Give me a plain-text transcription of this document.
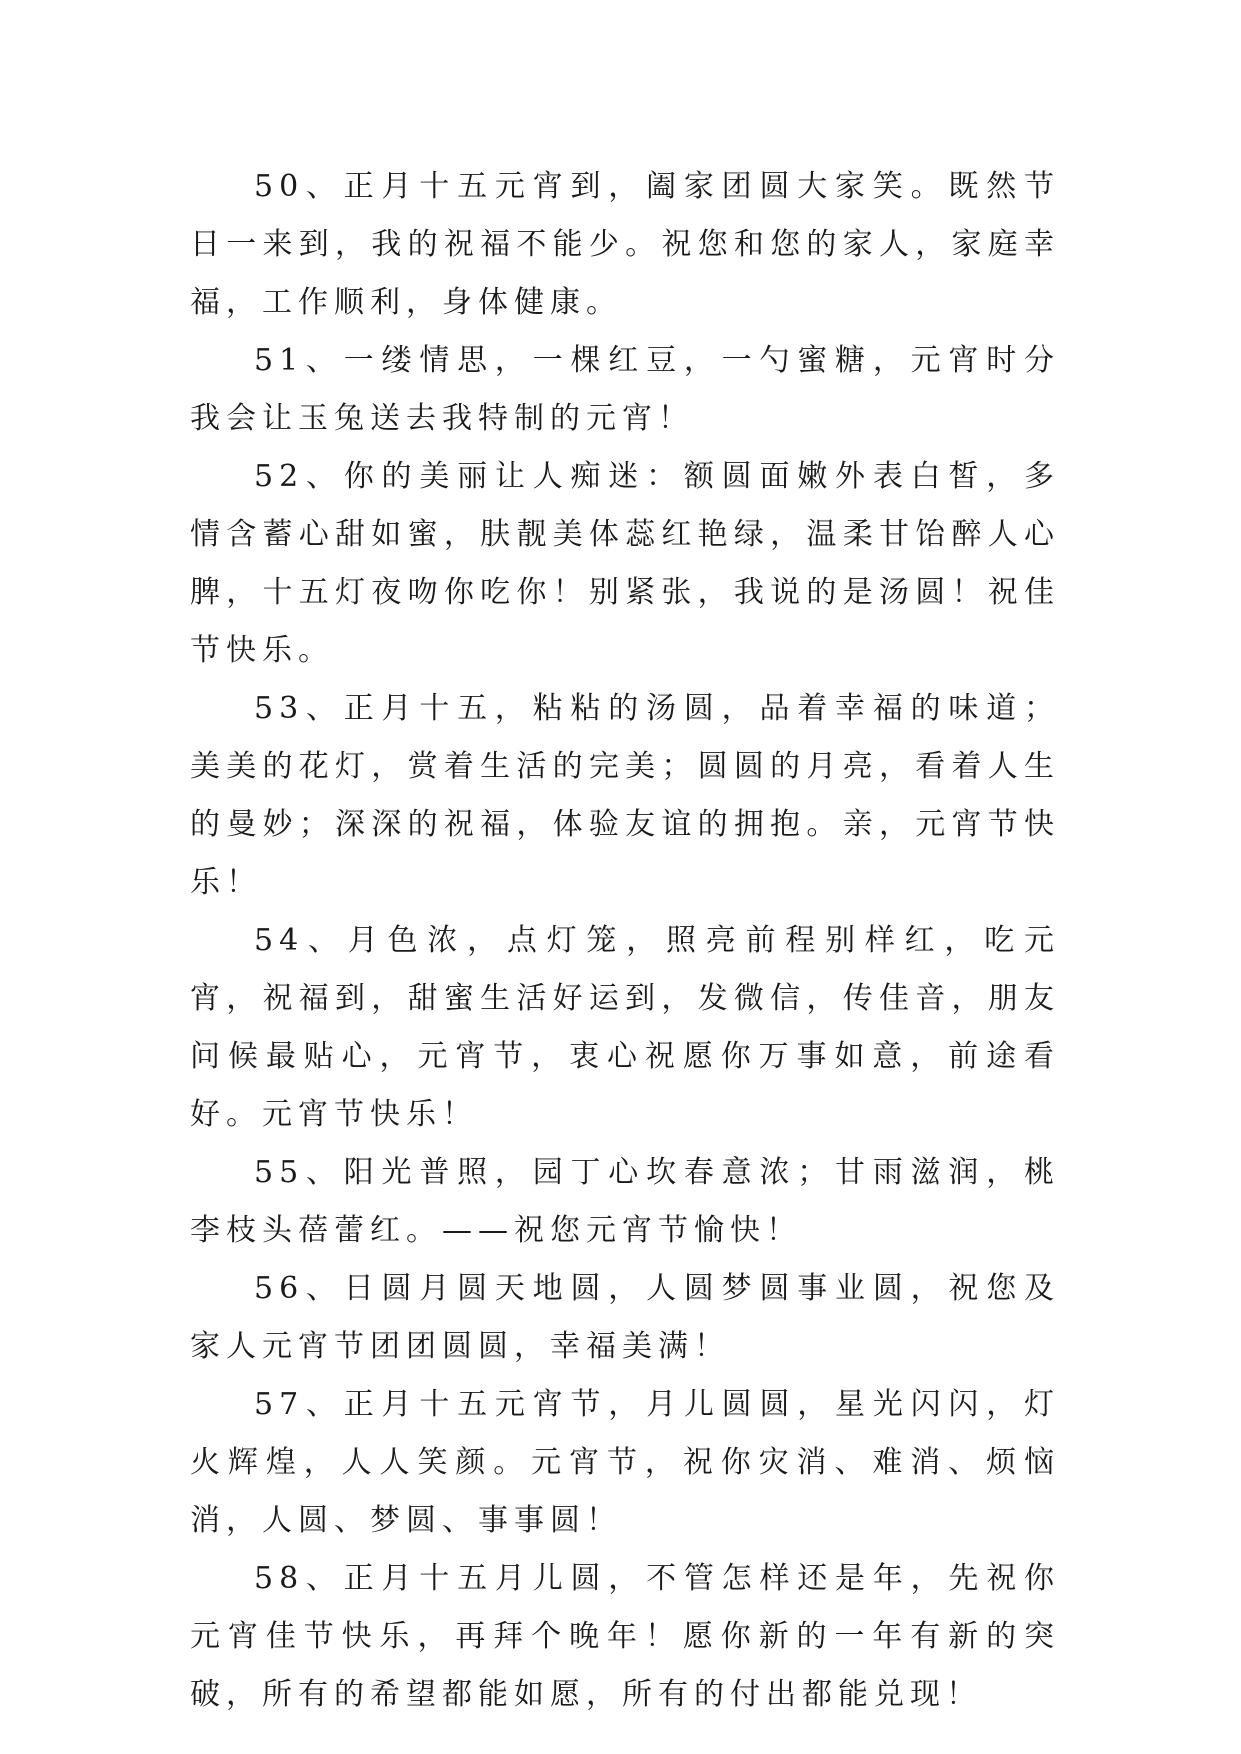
50、正月十五元宵到，阖家团圆大家笑。既然节日一来到，我的祝福不能少。祝您和您的家人，家庭幸福，工作顺利，身体健康。

51、一缕情思，一棵红豆，一勺蜜糖，元宵时分我会让玉兔送去我特制的元宵！

52、你的美丽让人痴迷：额圆面嫩外表白皙，多情含蓄心甜如蜜，肤靓美体蕊红艳绿，温柔甘饴醉人心脾，十五灯夜吻你吃你！别紧张，我说的是汤圆！祝佳节快乐。

53、正月十五，粘粘的汤圆，品着幸福的味道；美美的花灯，赏着生活的完美；圆圆的月亮，看着人生的曼妙；深深的祝福，体验友谊的拥抱。亲，元宵节快乐！

54、月色浓，点灯笼，照亮前程别样红，吃元宵，祝福到，甜蜜生活好运到，发微信，传佳音，朋友问候最贴心，元宵节，衷心祝愿你万事如意，前途看好。元宵节快乐！

55、阳光普照，园丁心坎春意浓；甘雨滋润，桃李枝头蓓蕾红。——祝您元宵节愉快！

56、日圆月圆天地圆，人圆梦圆事业圆，祝您及家人元宵节团团圆圆，幸福美满！

57、正月十五元宵节，月儿圆圆，星光闪闪，灯火辉煌，人人笑颜。元宵节，祝你灾消、难消、烦恼消，人圆、梦圆、事事圆！

58、正月十五月儿圆，不管怎样还是年，先祝你元宵佳节快乐，再拜个晚年！愿你新的一年有新的突破，所有的希望都能如愿，所有的付出都能兑现！
